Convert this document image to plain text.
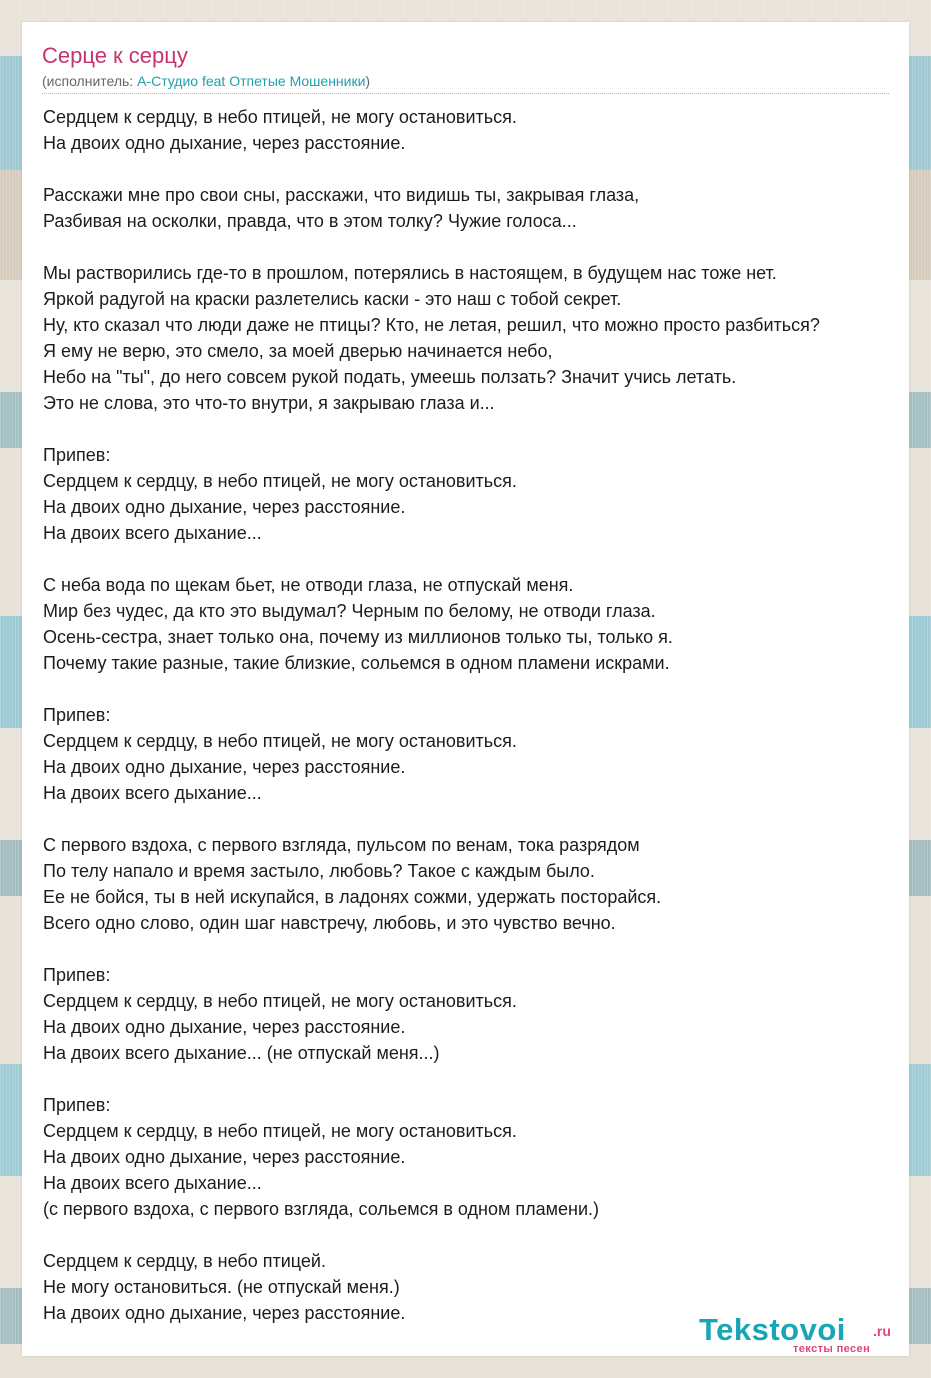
Серце к серцу
(исполнитель: А-Студио feat Отпетые Мошенники)
Сердцем к сердцу, в небо птицей, не могу остановиться.
На двоих одно дыхание, через расстояние.

Расскажи мне про свои сны, расскажи, что видишь ты, закрывая глаза,
Разбивая на осколки, правда, что в этом толку? Чужие голоса...

Мы растворились где-то в прошлом, потерялись в настоящем, в будущем нас тоже нет.
Яркой радугой на краски разлетелись каски - это наш с тобой секрет.
Ну, кто сказал что люди даже не птицы? Кто, не летая, решил, что можно просто разбиться?
Я ему не верю, это смело, за моей дверью начинается небо,
Небо на "ты", до него совсем рукой подать, умеешь ползать? Значит учись летать.
Это не слова, это что-то внутри, я закрываю глаза и...

Припев:
Сердцем к сердцу, в небо птицей, не могу остановиться.
На двоих одно дыхание, через расстояние.
На двоих всего дыхание...

С неба вода по щекам бьет, не отводи глаза, не отпускай меня.
Мир без чудес, да кто это выдумал? Черным по белому, не отводи глаза.
Осень-сестра, знает только она, почему из миллионов только ты, только я.
Почему такие разные, такие близкие, сольемся в одном пламени искрами.

Припев:
Сердцем к сердцу, в небо птицей, не могу остановиться.
На двоих одно дыхание, через расстояние.
На двоих всего дыхание...

С первого вздоха, с первого взгляда, пульсом по венам, тока разрядом
По телу напало и время застыло, любовь? Такое с каждым было.
Ее не бойся, ты в ней искупайся, в ладонях сожми, удержать посторайся.
Всего одно слово, один шаг навстречу, любовь, и это чувство вечно.

Припев:
Сердцем к сердцу, в небо птицей, не могу остановиться.
На двоих одно дыхание, через расстояние.
На двоих всего дыхание... (не отпускай меня...)

Припев:
Сердцем к сердцу, в небо птицей, не могу остановиться.
На двоих одно дыхание, через расстояние.
На двоих всего дыхание...
(с первого вздоха, с первого взгляда, сольемся в одном пламени.)

Сердцем к сердцу, в небо птицей.
Не могу остановиться. (не отпускай меня.)
На двоих одно дыхание, через расстояние.	Tekstovoi .ru
тексты песен
